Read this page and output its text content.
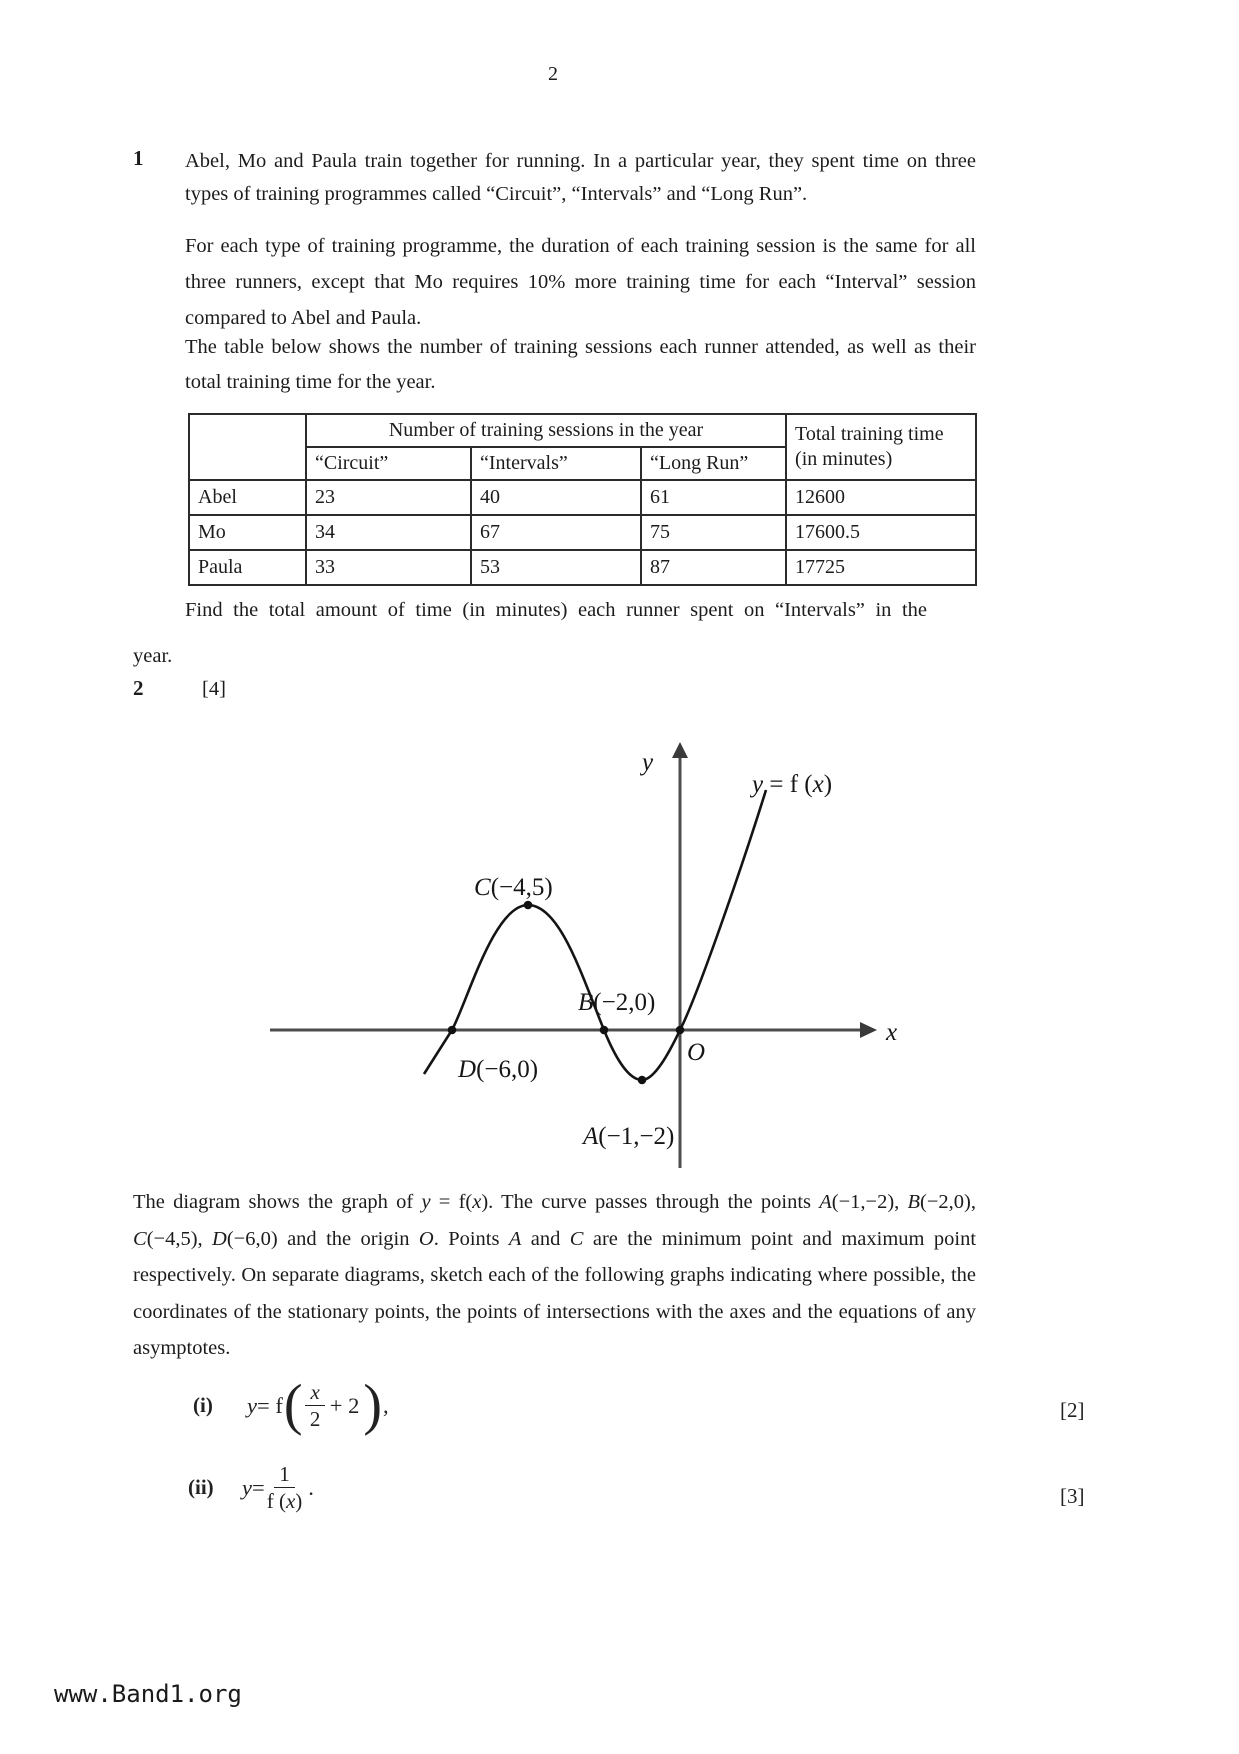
2
1 Abel, Mo and Paula train together for running. In a particular year, they spent time on three types of training programmes called “Circuit”, “Intervals” and “Long Run”.
For each type of training programme, the duration of each training session is the same for all three runners, except that Mo requires 10% more training time for each “Interval” session compared to Abel and Paula.
The table below shows the number of training sessions each runner attended, as well as their total training time for the year.
	Number of training sessions in the year			Total training time
(in minutes)

	“Circuit”	“Intervals”	“Long Run”	
Abel	23	40	61	12600
Mo	34	67	75	17600.5
Paula	33	53	87	17725
Find the total amount of time (in minutes) each runner spent on “Intervals” in the
year.
[4]
2
y
x
y = f (x)
C(−4,5)
B(−2,0)
D(−6,0)
A(−1,−2)
O
The diagram shows the graph of y = f(x). The curve passes through the points A(−1,−2), B(−2,0), C(−4,5), D(−6,0) and the origin O. Points A and C are the minimum point and maximum point respectively. On separate diagrams, sketch each of the following graphs indicating where possible, the coordinates of the stationary points, the points of intersections with the axes and the equations of any asymptotes.
(i)	y = f ( $\frac{x}{2} + 2$ ) ,	[2]
(ii)	$y = \frac{1}{f (x)}$ .	[3]
www.Band1.org
